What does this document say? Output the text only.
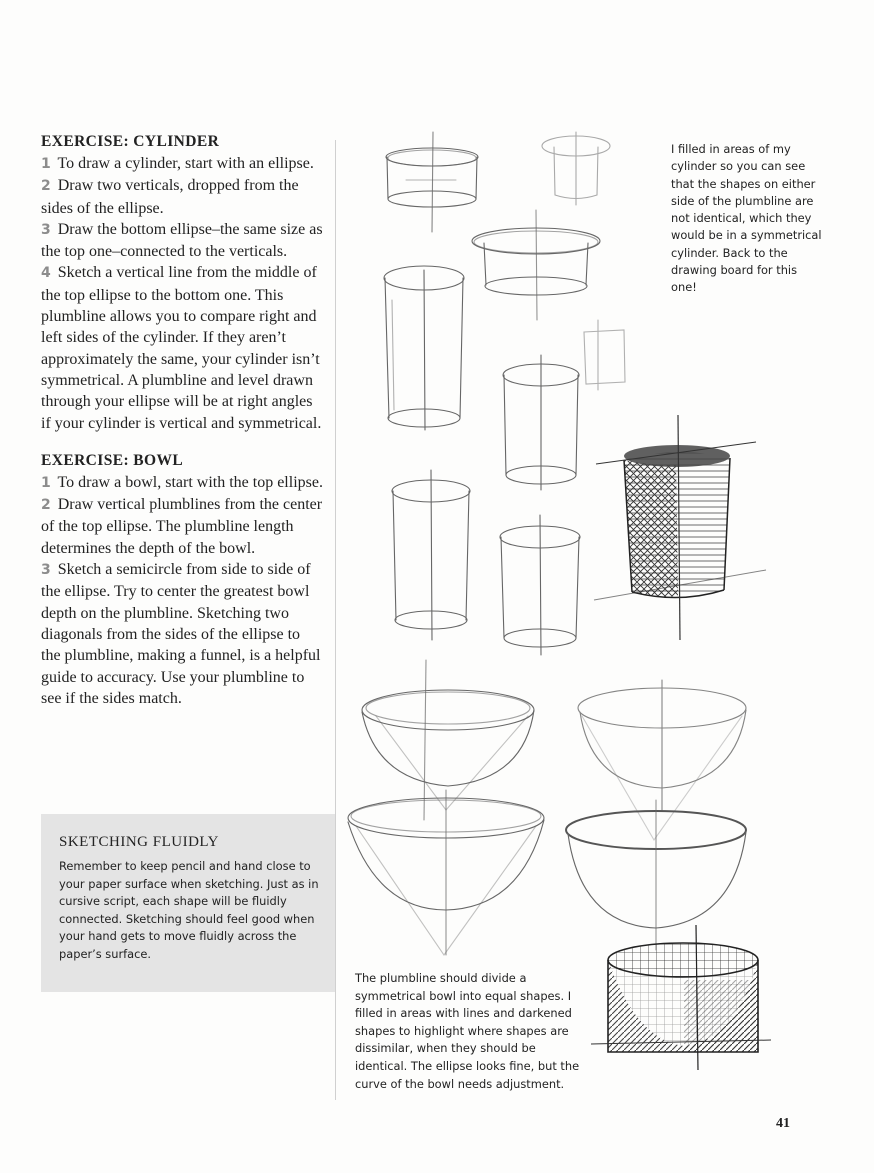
EXERCISE: CYLINDER

1 To draw a cylinder, start with an ellipse.

2 Draw two verticals, dropped from the sides of the ellipse.

3 Draw the bottom ellipse–the same size as the top one–connected to the verticals.

4 Sketch a vertical line from the middle of the top ellipse to the bottom one. This plumbline allows you to compare right and left sides of the cylinder. If they aren’t approximately the same, your cylinder isn’t symmetrical. A plumbline and level drawn through your ellipse will be at right angles if your cylinder is vertical and symmetrical.

EXERCISE: BOWL

1 To draw a bowl, start with the top ellipse.

2 Draw vertical plumblines from the center of the top ellipse. The plumbline length determines the depth of the bowl.

3 Sketch a semicircle from side to side of the ellipse. Try to center the greatest bowl depth on the plumbline. Sketching two diagonals from the sides of the ellipse to the plumbline, making a funnel, is a helpful guide to accuracy. Use your plumbline to see if the sides match.

SKETCHING FLUIDLY

Remember to keep pencil and hand close to your paper surface when sketching. Just as in cursive script, each shape will be fluidly connected. Sketching should feel good when your hand gets to move fluidly across the paper’s surface.

I filled in areas of my cylinder so you can see that the shapes on either side of the plumbline are not identical, which they would be in a symmetrical cylinder. Back to the drawing board for this one!

The plumbline should divide a symmetrical bowl into equal shapes. I filled in areas with lines and darkened shapes to highlight where shapes are dissimilar, when they should be identical. The ellipse looks fine, but the curve of the bowl needs adjustment.

41
